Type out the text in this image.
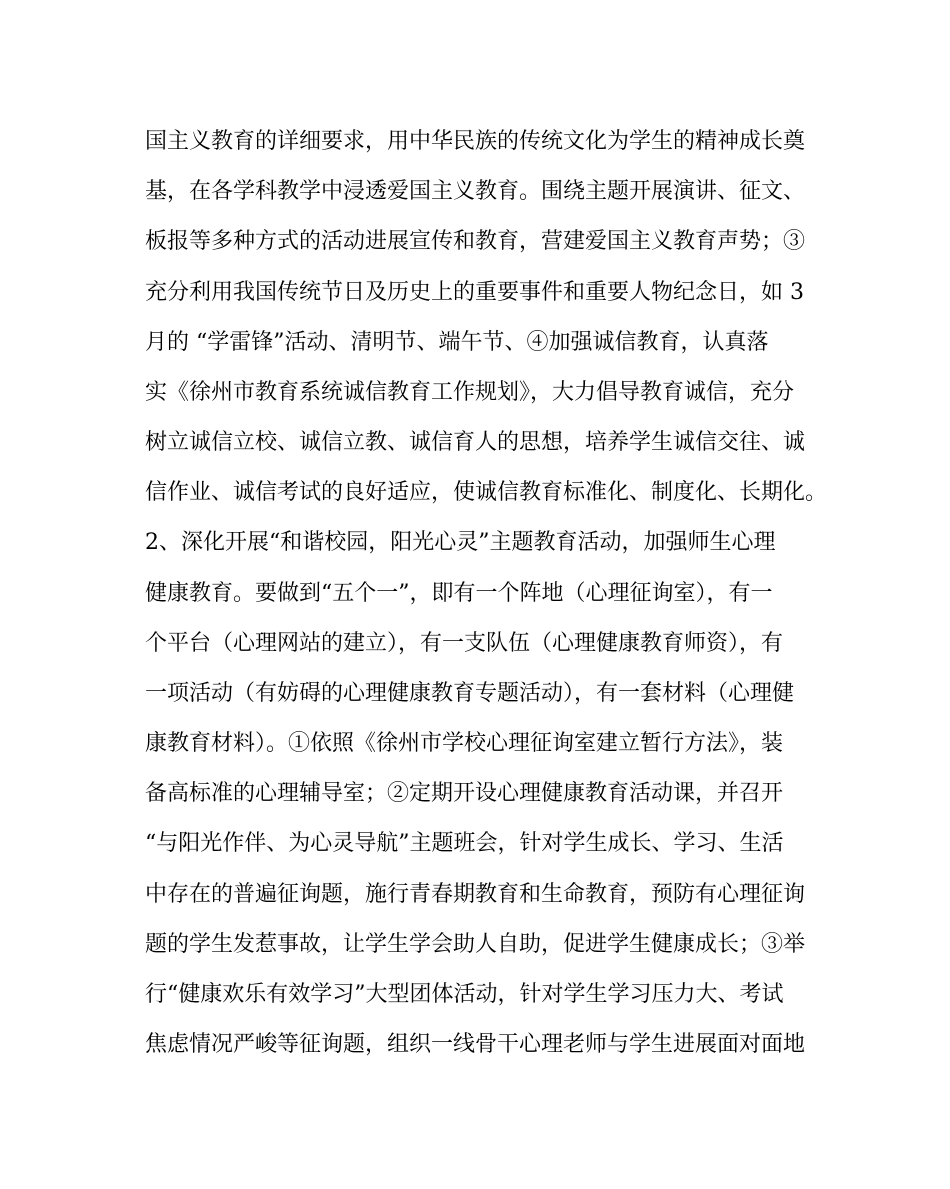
国主义教育的详细要求，用中华民族的传统文化为学生的精神成长奠
基，在各学科教学中浸透爱国主义教育。围绕主题开展演讲、征文、
板报等多种方式的活动进展宣传和教育，营建爱国主义教育声势；③
充分利用我国传统节日及历史上的重要事件和重要人物纪念日，如 3
月的 “学雷锋”活动、清明节、端午节、④加强诚信教育，认真落
实《徐州市教育系统诚信教育工作规划》，大力倡导教育诚信，充分
树立诚信立校、诚信立教、诚信育人的思想，培养学生诚信交往、诚
信作业、诚信考试的良好适应，使诚信教育标准化、制度化、长期化。
2、深化开展“和谐校园，阳光心灵”主题教育活动，加强师生心理
健康教育。要做到“五个一”，即有一个阵地（心理征询室），有一
个平台（心理网站的建立），有一支队伍（心理健康教育师资），有
一项活动（有妨碍的心理健康教育专题活动），有一套材料（心理健
康教育材料）。①依照《徐州市学校心理征询室建立暂行方法》，装
备高标准的心理辅导室；②定期开设心理健康教育活动课，并召开
“与阳光作伴、为心灵导航”主题班会，针对学生成长、学习、生活
中存在的普遍征询题，施行青春期教育和生命教育，预防有心理征询
题的学生发惹事故，让学生学会助人自助，促进学生健康成长；③举
行“健康欢乐有效学习”大型团体活动，针对学生学习压力大、考试
焦虑情况严峻等征询题，组织一线骨干心理老师与学生进展面对面地
